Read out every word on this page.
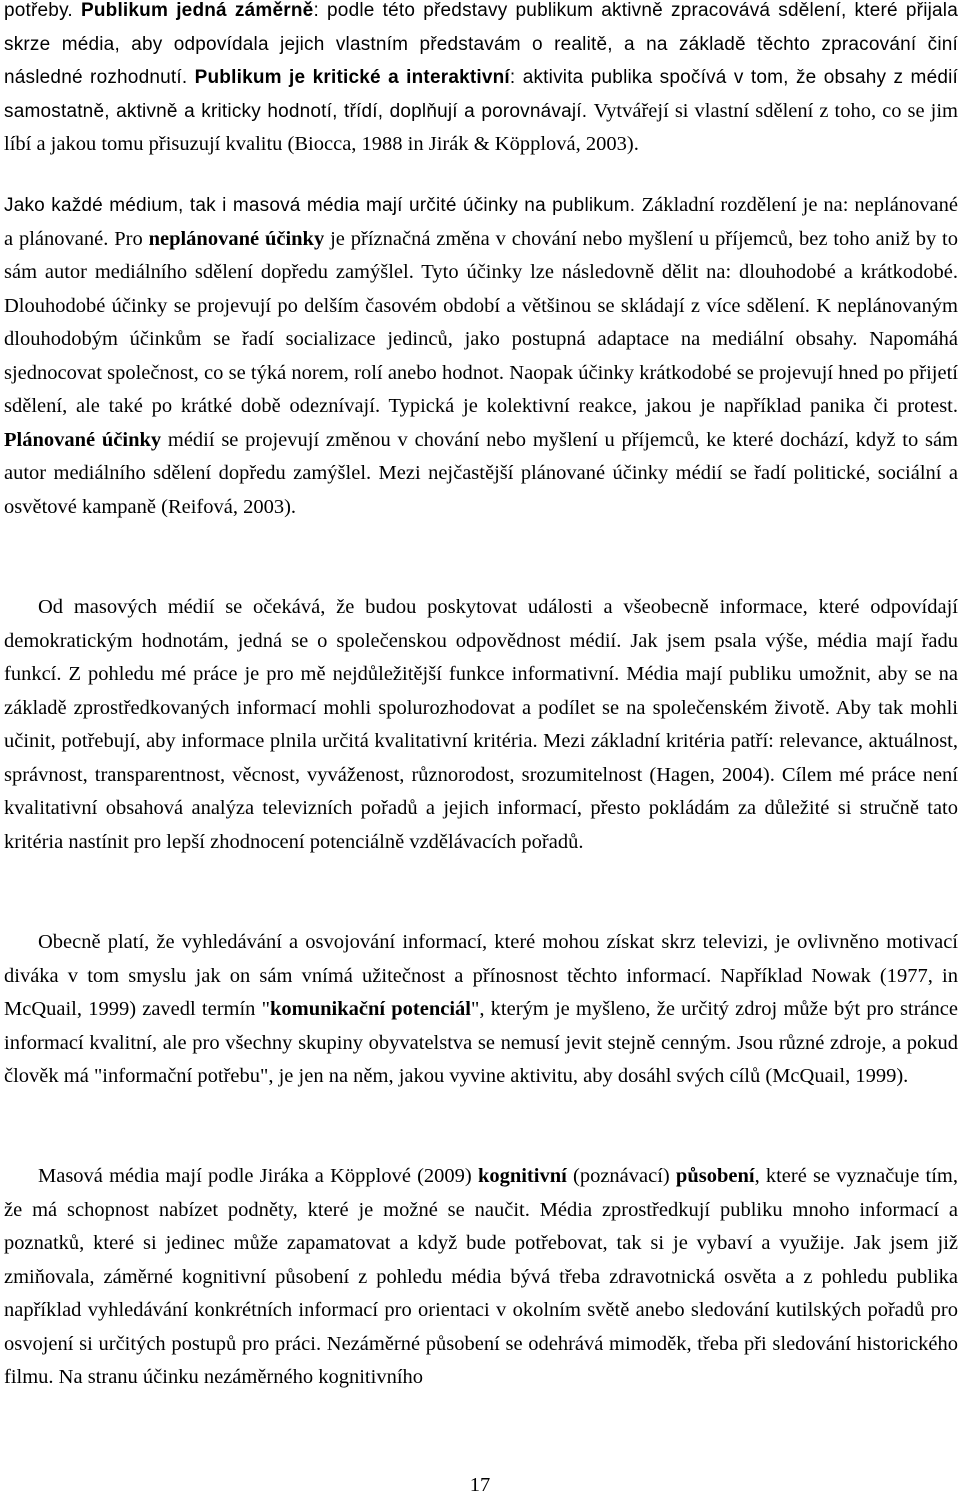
potřeby. Publikum jedná záměrně: podle této představy publikum aktivně zpracovává sdělení, které přijala skrze média, aby odpovídala jejich vlastním představám o realitě, a na základě těchto zpracování činí následné rozhodnutí. Publikum je kritické a interaktivní: aktivita publika spočívá v tom, že obsahy z médií samostatně, aktivně a kriticky hodnotí, třídí, doplňují a porovnávají. Vytvářejí si vlastní sdělení z toho, co se jim líbí a jakou tomu přisuzují kvalitu (Biocca, 1988 in Jirák & Köpplová, 2003).

Jako každé médium, tak i masová média mají určité účinky na publikum. Základní rozdělení je na: neplánované a plánované. Pro neplánované účinky je příznačná změna v chování nebo myšlení u příjemců, bez toho aniž by to sám autor mediálního sdělení dopředu zamýšlel. Tyto účinky lze následovně dělit na: dlouhodobé a krátkodobé. Dlouhodobé účinky se projevují po delším časovém období a většinou se skládají z více sdělení. K neplánovaným dlouhodobým účinkům se řadí socializace jedinců, jako postupná adaptace na mediální obsahy. Napomáhá sjednocovat společnost, co se týká norem, rolí anebo hodnot. Naopak účinky krátkodobé se projevují hned po přijetí sdělení, ale také po krátké době odeznívají. Typická je kolektivní reakce, jakou je například panika či protest. Plánované účinky médií se projevují změnou v chování nebo myšlení u příjemců, ke které dochází, když to sám autor mediálního sdělení dopředu zamýšlel. Mezi nejčastější plánované účinky médií se řadí politické, sociální a osvětové kampaně (Reifová, 2003).

Od masových médií se očekává, že budou poskytovat události a všeobecně informace, které odpovídají demokratickým hodnotám, jedná se o společenskou odpovědnost médií. Jak jsem psala výše, média mají řadu funkcí. Z pohledu mé práce je pro mě nejdůležitější funkce informativní. Média mají publiku umožnit, aby se na základě zprostředkovaných informací mohli spolurozhodovat a podílet se na společenském životě. Aby tak mohli učinit, potřebují, aby informace plnila určitá kvalitativní kritéria. Mezi základní kritéria patří: relevance, aktuálnost, správnost, transparentnost, věcnost, vyváženost, různorodost, srozumitelnost (Hagen, 2004). Cílem mé práce není kvalitativní obsahová analýza televizních pořadů a jejich informací, přesto pokládám za důležité si stručně tato kritéria nastínit pro lepší zhodnocení potenciálně vzdělávacích pořadů.

Obecně platí, že vyhledávání a osvojování informací, které mohou získat skrz televizi, je ovlivněno motivací diváka v tom smyslu jak on sám vnímá užitečnost a přínosnost těchto informací. Například Nowak (1977, in McQuail, 1999) zavedl termín "komunikační potenciál", kterým je myšleno, že určitý zdroj může být pro stránce informací kvalitní, ale pro všechny skupiny obyvatelstva se nemusí jevit stejně cenným. Jsou různé zdroje, a pokud člověk má "informační potřebu", je jen na něm, jakou vyvine aktivitu, aby dosáhl svých cílů (McQuail, 1999).

Masová média mají podle Jiráka a Köpplové (2009) kognitivní (poznávací) působení, které se vyznačuje tím, že má schopnost nabízet podněty, které je možné se naučit. Média zprostředkují publiku mnoho informací a poznatků, které si jedinec může zapamatovat a když bude potřebovat, tak si je vybaví a využije. Jak jsem již zmiňovala, záměrné kognitivní působení z pohledu média bývá třeba zdravotnická osvěta a z pohledu publika například vyhledávání konkrétních informací pro orientaci v okolním světě anebo sledování kutilských pořadů pro osvojení si určitých postupů pro práci. Nezáměrné působení se odehrává mimoděk, třeba při sledování historického filmu. Na stranu účinku nezáměrného kognitivního

17
